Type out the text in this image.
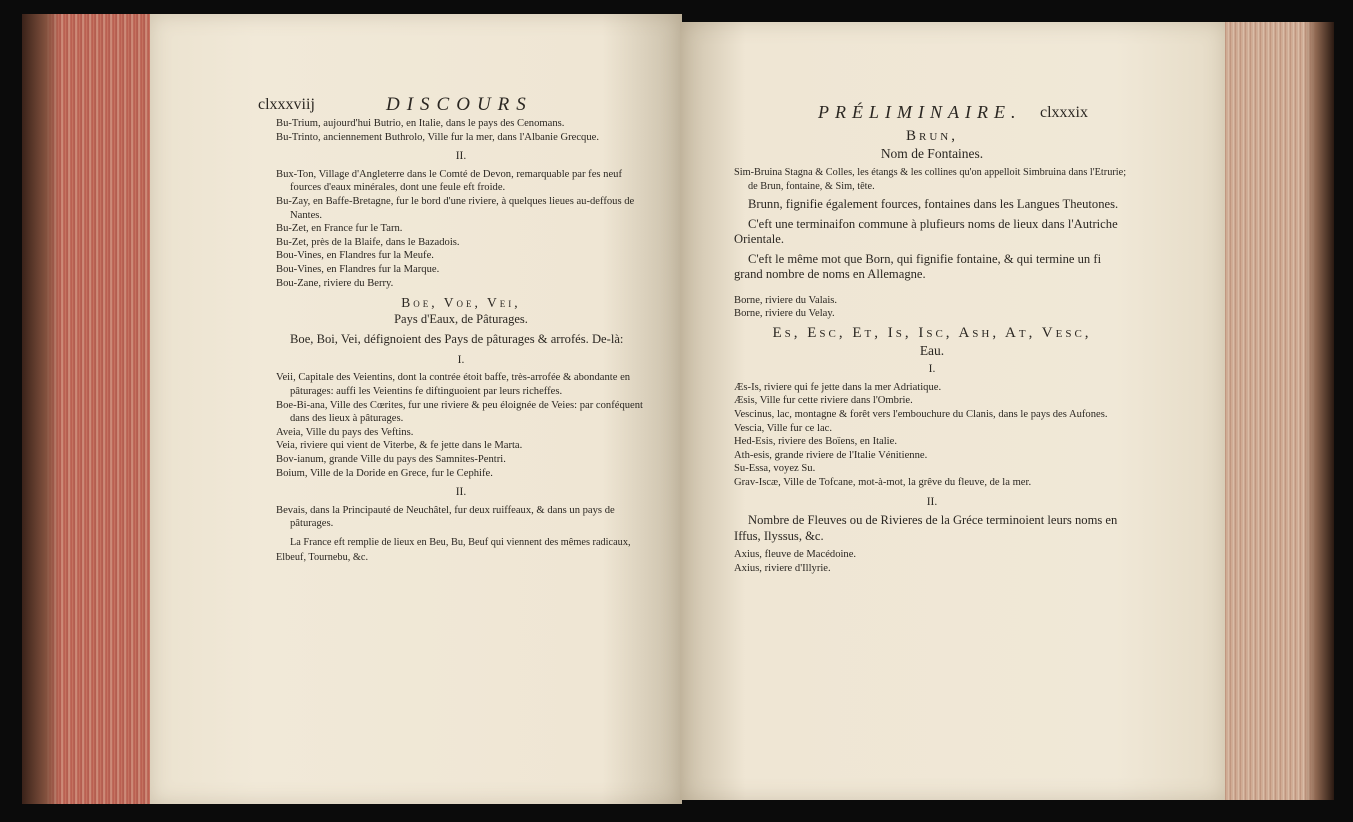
clxxxviij	DISCOURS

Bu-Trium, aujourd'hui Butrio, en Italie, dans le pays des Cenomans.

Bu-Trinto, anciennement Buthrolo, Ville fur la mer, dans l'Albanie Grecque.

II.

Bux-Ton, Village d'Angleterre dans le Comté de Devon, remarquable par fes neuf fources d'eaux minérales, dont une feule eft froide.

Bu-Zay, en Baffe-Bretagne, fur le bord d'une riviere, à quelques lieues au-deffous de Nantes.

Bu-Zet, en France fur le Tarn.

Bu-Zet, près de la Blaife, dans le Bazadois.

Bou-Vines, en Flandres fur la Meufe.

Bou-Vines, en Flandres fur la Marque.

Bou-Zane, riviere du Berry.

Boe, Voe, Vei,
Pays d'Eaux, de Pâturages.

Boe, Boi, Vei, défignoient des Pays de pâturages & arrofés. De-là:

I.

Veii, Capitale des Veientins, dont la contrée étoit baffe, très-arrofée & abondante en pâturages: auffi les Veientins fe diftinguoient par leurs richeffes.

Boe-Bi-ana, Ville des Cœrites, fur une riviere & peu éloignée de Veies: par conféquent dans des lieux à pâturages.

Aveia, Ville du pays des Veftins.

Veia, riviere qui vient de Viterbe, & fe jette dans le Marta.

Bov-ianum, grande Ville du pays des Samnites-Pentri.

Boium, Ville de la Doride en Grece, fur le Cephife.

II.

Bevais, dans la Principauté de Neuchâtel, fur deux ruiffeaux, & dans un pays de pâturages.

La France eft remplie de lieux en Beu, Bu, Beuf qui viennent des mêmes radicaux, Elbeuf, Tournebu, &c.

PRÉLIMINAIRE. clxxxix
Brun,
Nom de Fontaines.

Sim-Bruina Stagna & Colles, les étangs & les collines qu'on appelloit Simbruina dans l'Etrurie; de Brun, fontaine, & Sim, tête.

Brunn, fignifie également fources, fontaines dans les Langues Theutones.

C'eft une terminaifon commune à plufieurs noms de lieux dans l'Autriche Orientale.

C'eft le même mot que Born, qui fignifie fontaine, & qui termine un fi grand nombre de noms en Allemagne.

Borne, riviere du Valais.

Borne, riviere du Velay.

Es, Esc, Et, Is, Isc, Ash, At, Vesc,
Eau.
I.

Æs-Is, riviere qui fe jette dans la mer Adriatique.

Æsis, Ville fur cette riviere dans l'Ombrie.

Vescinus, lac, montagne & forêt vers l'embouchure du Clanis, dans le pays des Aufones.

Vescia, Ville fur ce lac.

Hed-Esis, riviere des Boïens, en Italie.

Ath-esis, grande riviere de l'Italie Vénitienne.

Su-Essa, voyez Su.

Grav-Iscæ, Ville de Tofcane, mot-à-mot, la grêve du fleuve, de la mer.

II.

Nombre de Fleuves ou de Rivieres de la Gréce terminoient leurs noms en Iffus, Ilyssus, &c.

Axius, fleuve de Macédoine.

Axius, riviere d'Illyrie.
